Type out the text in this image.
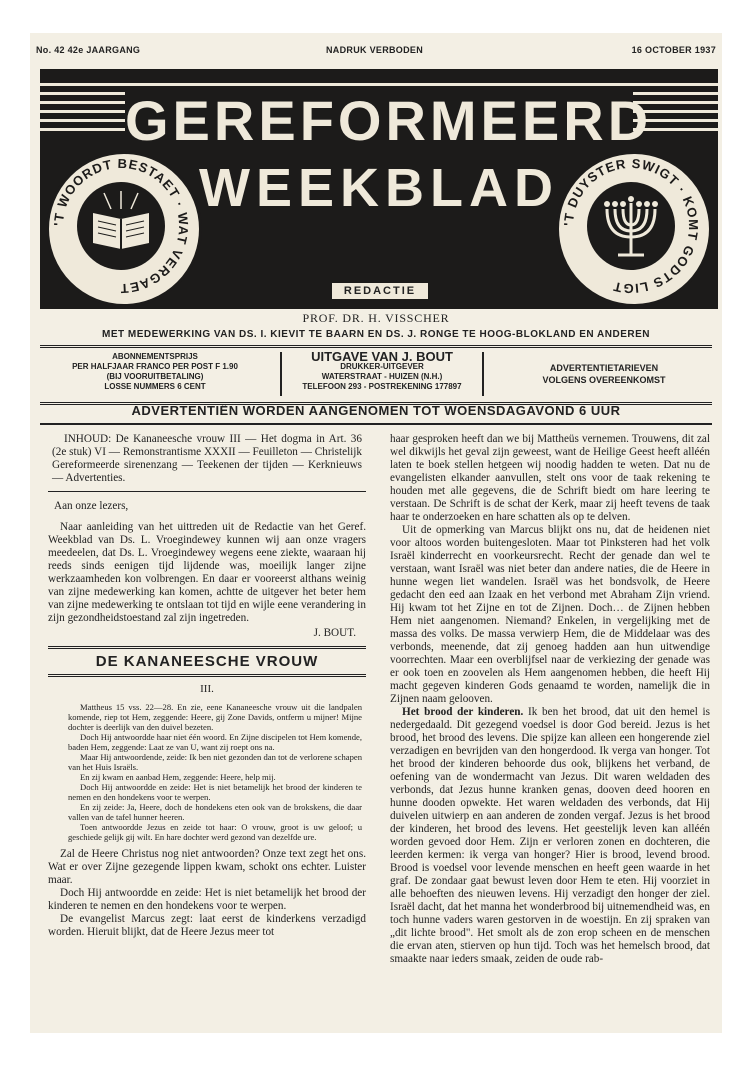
No. 42 42e JAARGANG	NADRUK VERBODEN	16 OCTOBER 1937
GEREFORMEERD
WEEKBLAD
'T WOORDT BESTAET · WAT VERGAET
'T DUYSTER SWIGT · KOMT GODTS LIGT
REDACTIE
PROF. DR. H. VISSCHER
MET MEDEWERKING VAN DS. I. KIEVIT TE BAARN EN DS. J. RONGE TE HOOG-BLOKLAND EN ANDEREN
ABONNEMENTSPRIJS
PER HALFJAAR FRANCO PER POST F 1.90
(BIJ VOORUITBETALING)
LOSSE NUMMERS 6 CENT
UITGAVE VAN J. BOUT
DRUKKER-UITGEVER
WATERSTRAAT - HUIZEN (N.H.)
TELEFOON 293 - POSTREKENING 177897
ADVERTENTIETARIEVEN
VOLGENS OVEREENKOMST
ADVERTENTIËN WORDEN AANGENOMEN TOT WOENSDAGAVOND 6 UUR

INHOUD: De Kananeesche vrouw III — Het dogma in Art. 36 (2e stuk) VI — Remonstrantisme XXXII — Feuilleton — Christelijk Gereformeerde sirenenzang — Teekenen der tijden — Kerknieuws — Advertenties.

Aan onze lezers,

Naar aanleiding van het uittreden uit de Redactie van het Geref. Weekblad van Ds. L. Vroegindewey kunnen wij aan onze vragers meedeelen, dat Ds. L. Vroegindewey wegens eene ziekte, waaraan hij reeds sinds eenigen tijd lijdende was, moeilijk langer zijne werkzaamheden kon volbrengen. En daar er vooreerst althans weinig van zijne medewerking kan komen, achtte de uitgever het beter hem van zijne medewerking te ontslaan tot tijd en wijle eene verandering in zijn gezondheidstoestand zal zijn ingetreden.

J. BOUT.
DE KANANEESCHE VROUW
III.

Mattheus 15 vss. 22—28. En zie, eene Kananeesche vrouw uit die landpalen komende, riep tot Hem, zeggende: Heere, gij Zone Davids, ontferm u mijner! Mijne dochter is deerlijk van den duivel bezeten.

Doch Hij antwoordde haar niet één woord. En Zijne discipelen tot Hem komende, baden Hem, zeggende: Laat ze van U, want zij roept ons na.

Maar Hij antwoordende, zeide: Ik ben niet gezonden dan tot de verlorene schapen van het Huis Israëls.

En zij kwam en aanbad Hem, zeggende: Heere, help mij.

Doch Hij antwoordde en zeide: Het is niet betamelijk het brood der kinderen te nemen en den hondekens voor te werpen.

En zij zeide: Ja, Heere, doch de hondekens eten ook van de brokskens, die daar vallen van de tafel hunner heeren.

Toen antwoordde Jezus en zeide tot haar: O vrouw, groot is uw geloof; u geschiede gelijk gij wilt. En hare dochter werd gezond van dezelfde ure.

Zal de Heere Christus nog niet antwoorden? Onze text zegt het ons. Wat er over Zijne gezegende lippen kwam, schokt ons echter. Luister maar.

Doch Hij antwoordde en zeide: Het is niet betamelijk het brood der kinderen te nemen en den hondekens voor te werpen.

De evangelist Marcus zegt: laat eerst de kinderkens verzadigd worden. Hieruit blijkt, dat de Heere Jezus meer tot

haar gesproken heeft dan we bij Mattheüs vernemen. Trouwens, dit zal wel dikwijls het geval zijn geweest, want de Heilige Geest heeft alléén laten te boek stellen hetgeen wij noodig hadden te weten. Dat nu de evangelisten elkander aanvullen, stelt ons voor de taak rekening te houden met alle gegevens, die de Schrift biedt om hare leering te verstaan. De Schrift is de schat der Kerk, maar zij heeft tevens de taak haar te onderzoeken en hare schatten als op te delven.

Uit de opmerking van Marcus blijkt ons nu, dat de heidenen niet voor altoos worden buitengesloten. Maar tot Pinksteren had het volk Israël kinderrecht en voorkeursrecht. Recht der genade dan wel te verstaan, want Israël was niet beter dan andere naties, die de Heere in hunne wegen liet wandelen. Israël was het bondsvolk, de Heere gedacht den eed aan Izaak en het verbond met Abraham Zijn vriend. Hij kwam tot het Zijne en tot de Zijnen. Doch… de Zijnen hebben Hem niet aangenomen. Niemand? Enkelen, in vergelijking met de massa des volks. De massa verwierp Hem, die de Middelaar was des verbonds, meenende, dat zij genoeg hadden aan hun uitwendige voorrechten. Maar een overblijfsel naar de verkiezing der genade was er ook toen en zoovelen als Hem aangenomen hebben, die heeft Hij macht gegeven kinderen Gods genaamd te worden, namelijk die in Zijnen naam gelooven.

Het brood der kinderen. Ik ben het brood, dat uit den hemel is nedergedaald. Dit gezegend voedsel is door God bereid. Jezus is het brood, het brood des levens. Die spijze kan alleen een hongerende ziel verzadigen en bevrijden van den hongerdood. Ik verga van honger. Tot het brood der kinderen behoorde dus ook, blijkens het verband, de oefening van de wondermacht van Jezus. Dit waren weldaden des verbonds, dat Jezus hunne kranken genas, dooven deed hooren en hunne dooden opwekte. Het waren weldaden des verbonds, dat Hij duivelen uitwierp en aan anderen de zonden vergaf. Jezus is het brood der kinderen, het brood des levens. Het geestelijk leven kan alléén worden gevoed door Hem. Zijn er verloren zonen en dochteren, die leerden kermen: ik verga van honger? Hier is brood, levend brood. Brood is voedsel voor levende menschen en heeft geen waarde in het graf. De zondaar gaat bewust leven door Hem te eten. Hij voorziet in alle behoeften des nieuwen levens. Hij verzadigt den honger der ziel. Israël dacht, dat het manna het wonderbrood bij uitnemendheid was, en toch hunne vaders waren gestorven in de woestijn. En zij spraken van „dit lichte brood". Het smolt als de zon erop scheen en de menschen die ervan aten, stierven op hun tijd. Toch was het hemelsch brood, dat smaakte naar ieders smaak, zeiden de oude rab-
